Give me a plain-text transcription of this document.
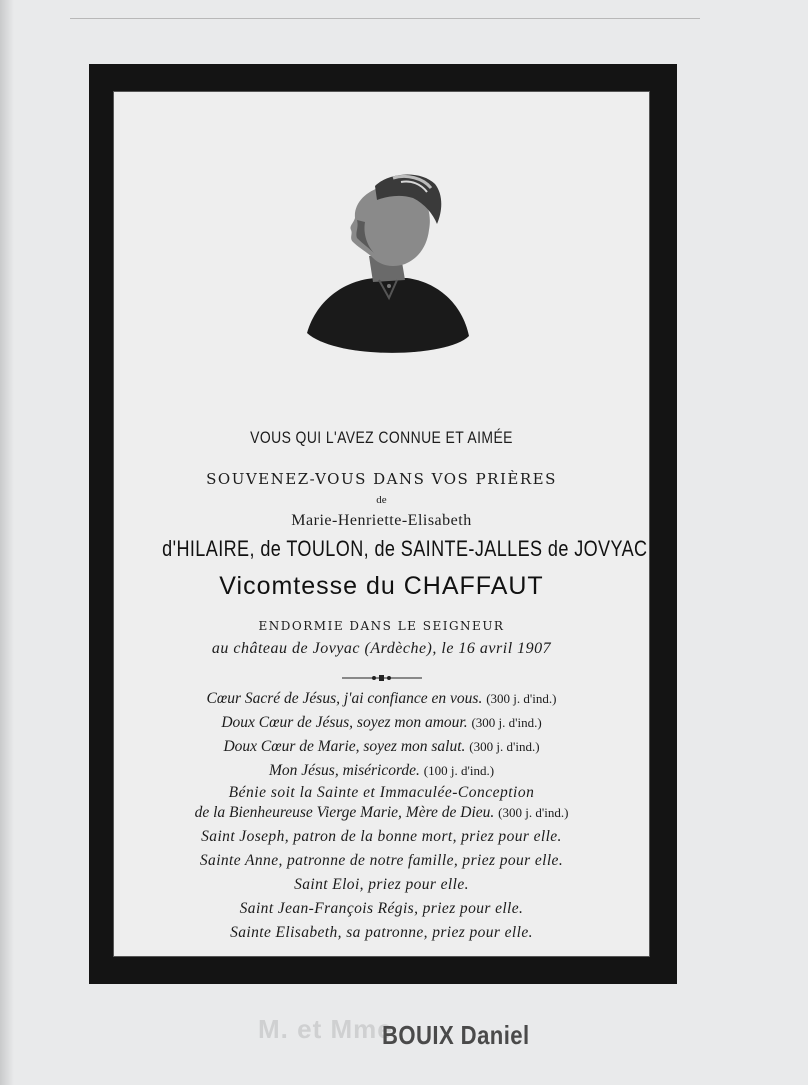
VOUS QUI L'AVEZ CONNUE ET AIMÉE
SOUVENEZ-VOUS DANS VOS PRIÈRES
de
Marie-Henriette-Elisabeth
d'HILAIRE, de TOULON, de SAINTE-JALLES de JOVYAC
Vicomtesse du CHAFFAUT
ENDORMIE DANS LE SEIGNEUR
au château de Jovyac (Ardèche), le 16 avril 1907
Cœur Sacré de Jésus, j'ai confiance en vous. (300 j. d'ind.)
Doux Cœur de Jésus, soyez mon amour. (300 j. d'ind.)
Doux Cœur de Marie, soyez mon salut. (300 j. d'ind.)
Mon Jésus, miséricorde. (100 j. d'ind.)
Bénie soit la Sainte et Immaculée-Conception
de la Bienheureuse Vierge Marie, Mère de Dieu. (300 j. d'ind.)
Saint Joseph, patron de la bonne mort, priez pour elle.
Sainte Anne, patronne de notre famille, priez pour elle.
Saint Eloi, priez pour elle.
Saint Jean-François Régis, priez pour elle.
Sainte Elisabeth, sa patronne, priez pour elle.
M. et Mme
BOUIX Daniel
